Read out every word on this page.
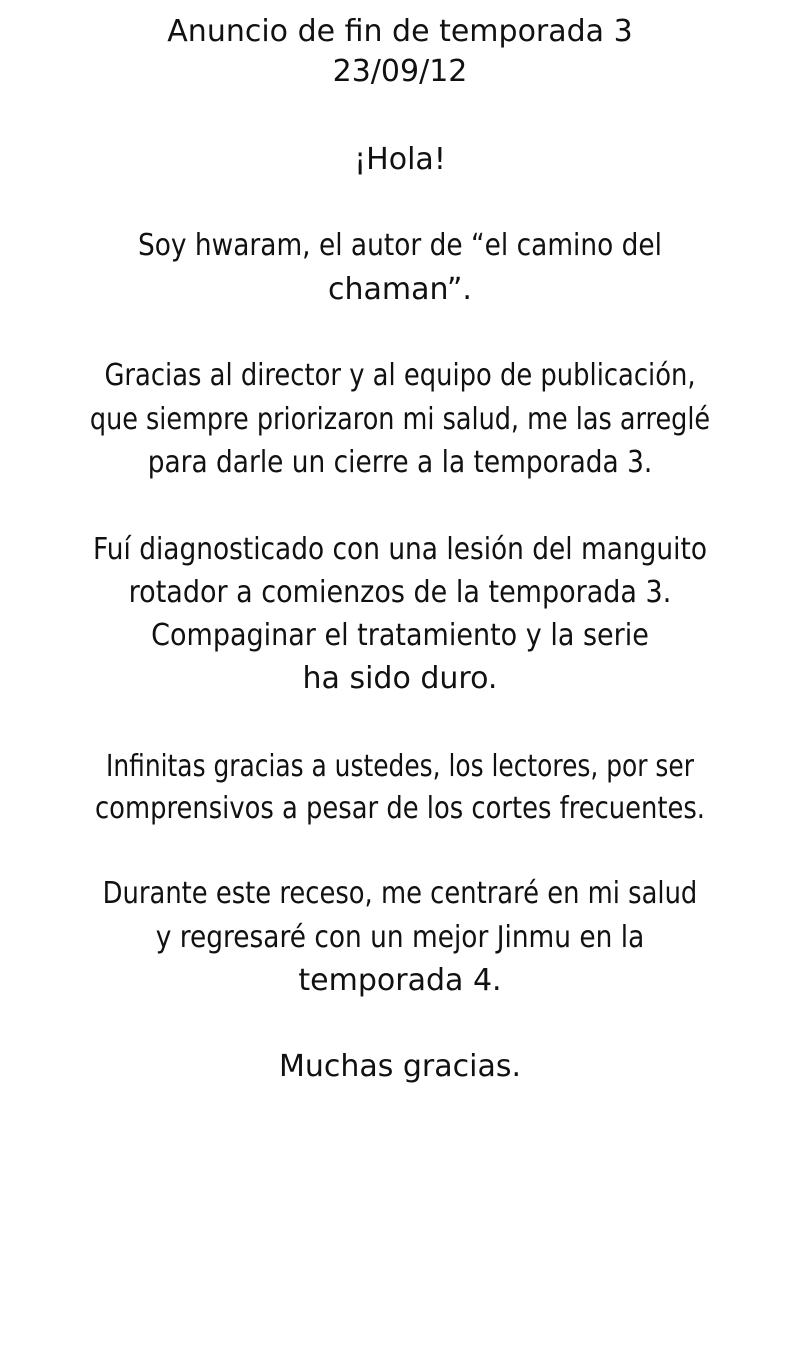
Anuncio de fin de temporada 3
23/09/12
¡Hola!
Soy hwaram, el autor de “el camino del
chaman”.
Gracias al director y al equipo de publicación,
que siempre priorizaron mi salud, me las arreglé
para darle un cierre a la temporada 3.
Fuí diagnosticado con una lesión del manguito
rotador a comienzos de la temporada 3.
Compaginar el tratamiento y la serie
ha sido duro.
Infinitas gracias a ustedes, los lectores, por ser
comprensivos a pesar de los cortes frecuentes.
Durante este receso, me centraré en mi salud
y regresaré con un mejor Jinmu en la
temporada 4.
Muchas gracias.
